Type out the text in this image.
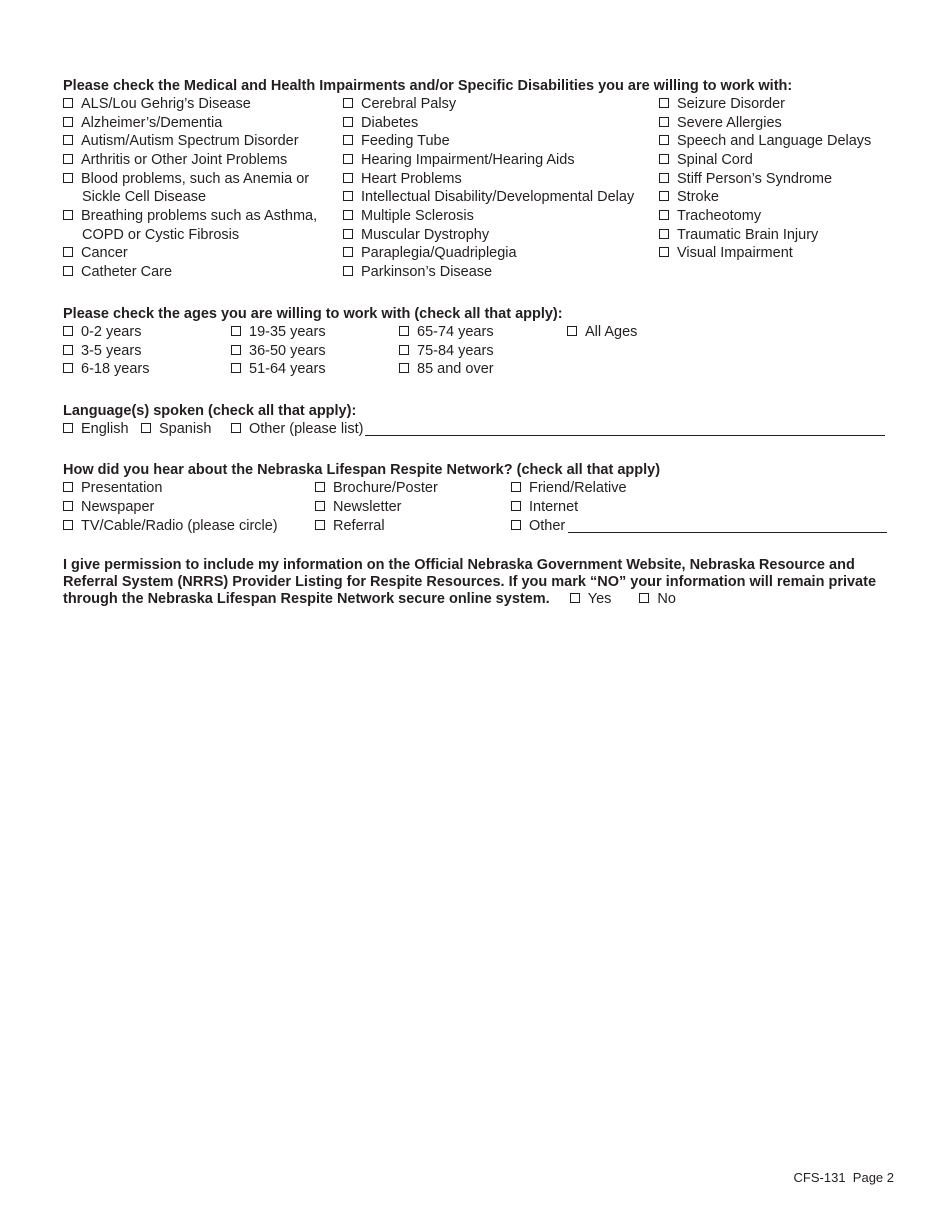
Please check the Medical and Health Impairments and/or Specific Disabilities you are willing to work with:
ALS/Lou Gehrig’s Disease
Alzheimer’s/Dementia
Autism/Autism Spectrum Disorder
Arthritis or Other Joint Problems
Blood problems, such as Anemia or
Sickle Cell Disease
Breathing problems such as Asthma,
COPD or Cystic Fibrosis
Cancer
Catheter Care
Cerebral Palsy
Diabetes
Feeding Tube
Hearing Impairment/Hearing Aids
Heart Problems
Intellectual Disability/Developmental Delay
Multiple Sclerosis
Muscular Dystrophy
Paraplegia/Quadriplegia
Parkinson’s Disease
Seizure Disorder
Severe Allergies
Speech and Language Delays
Spinal Cord
Stiff Person’s Syndrome
Stroke
Tracheotomy
Traumatic Brain Injury
Visual Impairment
Please check the ages you are willing to work with (check all that apply):
0-2 years
3-5 years
6-18 years
19-35 years
36-50 years
51-64 years
65-74 years
75-84 years
85 and over
All Ages
Language(s) spoken (check all that apply):
English	Spanish	Other (please list)
How did you hear about the Nebraska Lifespan Respite Network? (check all that apply)
Presentation
Newspaper
TV/Cable/Radio (please circle)
Brochure/Poster
Newsletter
Referral
Friend/Relative
Internet
Other
I give permission to include my information on the Official Nebraska Government Website, Nebraska Resource and Referral System (NRRS) Provider Listing for Respite Resources. If you mark “NO” your information will remain private through the Nebraska Lifespan Respite Network secure online system.	Yes	No
CFS-131  Page 2
